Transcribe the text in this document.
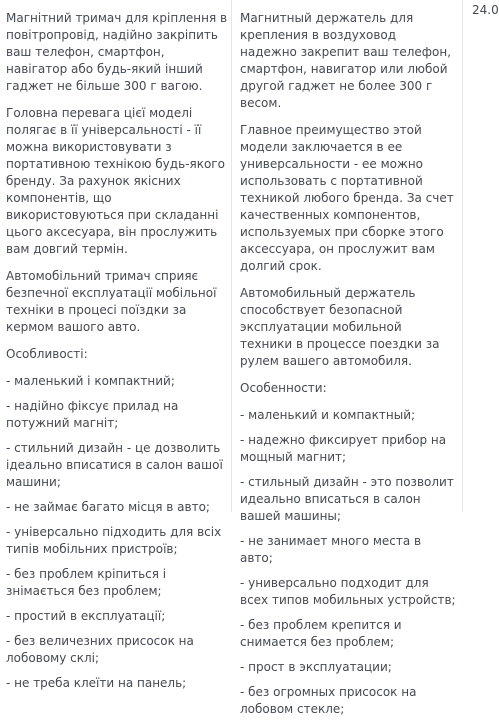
Магнітний тримач для кріплення в повітропровід, надійно закріпить ваш телефон, смартфон, навігатор або будь-який інший гаджет не більше 300 г вагою.

Головна перевага цієї моделі полягає в її універсальності - її можна використовувати з портативною технікою будь-якого бренду. За рахунок якісних компонентів, що використовуються при складанні цього аксесуара, він прослужить вам довгий термін.

Автомобільний тримач сприяє безпечної експлуатації мобільної техніки в процесі поїздки за кермом вашого авто.

Особливості:

- маленький і компактний;

- надійно фіксує прилад на потужний магніт;

- стильний дизайн - це дозволить ідеально вписатися в салон вашої машини;

- не займає багато місця в авто;

- універсально підходить для всіх типів мобільних пристроїв;

- без проблем кріпиться і знімається без проблем;

- простий в експлуатації;

- без величезних присосок на лобовому склі;

- не треба клеїти на панель;

Магнитный держатель для крепления в воздуховод надежно закрепит ваш телефон, смартфон, навигатор или любой другой гаджет не более 300 г весом.

Главное преимущество этой модели заключается в ее универсальности - ее можно использовать с портативной техникой любого бренда. За счет качественных компонентов, используемых при сборке этого аксессуара, он прослужит вам долгий срок.

Автомобильный держатель способствует безопасной эксплуатации мобильной техники в процессе поездки за рулем вашего автомобиля.

Особенности:

- маленький и компактный;

- надежно фиксирует прибор на мощный магнит;

- стильный дизайн - это позволит идеально вписаться в салон вашей машины;

- не занимает много места в авто;

- универсально подходит для всех типов мобильных устройств;

- без проблем крепится и снимается без проблем;

- прост в эксплуатации;

- без огромных присосок на лобовом стекле;

24.0
